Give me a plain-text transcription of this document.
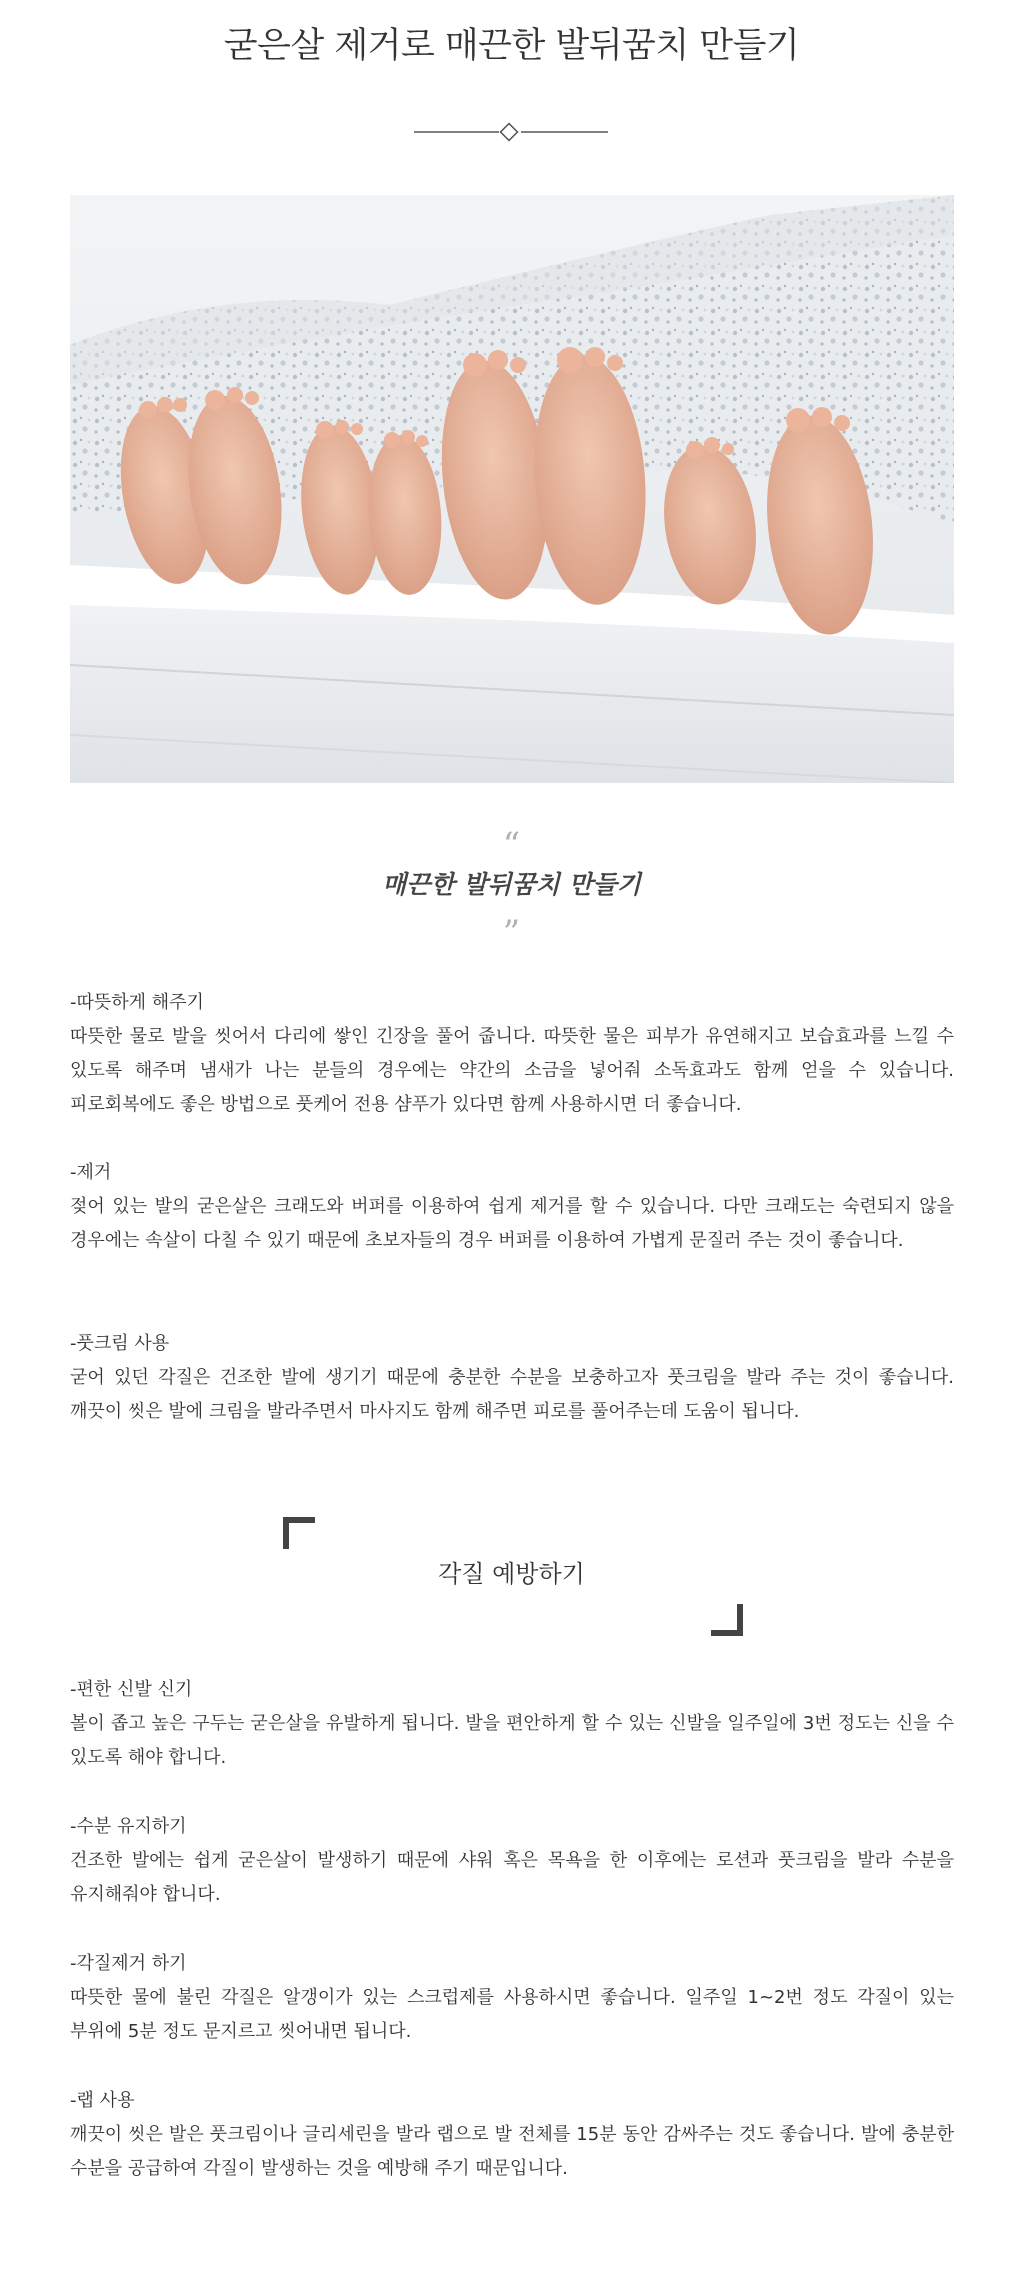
굳은살 제거로 매끈한 발뒤꿈치 만들기
“
매끈한 발뒤꿈치 만들기
”
-따뜻하게 해주기
따뜻한 물로 발을 씻어서 다리에 쌓인 긴장을 풀어 줍니다. 따뜻한 물은 피부가 유연해지고 보습효과를 느낄 수 있도록 해주며 냄새가 나는 분들의 경우에는 약간의 소금을 넣어줘 소독효과도 함께 얻을 수 있습니다. 피로회복에도 좋은 방법으로 풋케어 전용 샴푸가 있다면 함께 사용하시면 더 좋습니다.
-제거
젖어 있는 발의 굳은살은 크래도와 버퍼를 이용하여 쉽게 제거를 할 수 있습니다. 다만 크래도는 숙련되지 않을 경우에는 속살이 다칠 수 있기 때문에 초보자들의 경우 버퍼를 이용하여 가볍게 문질러 주는 것이 좋습니다.
-풋크림 사용
굳어 있던 각질은 건조한 발에 생기기 때문에 충분한 수분을 보충하고자 풋크림을 발라 주는 것이 좋습니다. 깨끗이 씻은 발에 크림을 발라주면서 마사지도 함께 해주면 피로를 풀어주는데 도움이 됩니다.
각질 예방하기
-편한 신발 신기
볼이 좁고 높은 구두는 굳은살을 유발하게 됩니다. 발을 편안하게 할 수 있는 신발을 일주일에 3번 정도는 신을 수 있도록 해야 합니다.
-수분 유지하기
건조한 발에는 쉽게 굳은살이 발생하기 때문에 샤워 혹은 목욕을 한 이후에는 로션과 풋크림을 발라 수분을 유지해줘야 합니다.
-각질제거 하기
따뜻한 물에 불린 각질은 알갱이가 있는 스크럽제를 사용하시면 좋습니다. 일주일 1~2번 정도 각질이 있는 부위에 5분 정도 문지르고 씻어내면 됩니다.
-랩 사용
깨끗이 씻은 발은 풋크림이나 글리세린을 발라 랩으로 발 전체를 15분 동안 감싸주는 것도 좋습니다. 발에 충분한 수분을 공급하여 각질이 발생하는 것을 예방해 주기 때문입니다.
